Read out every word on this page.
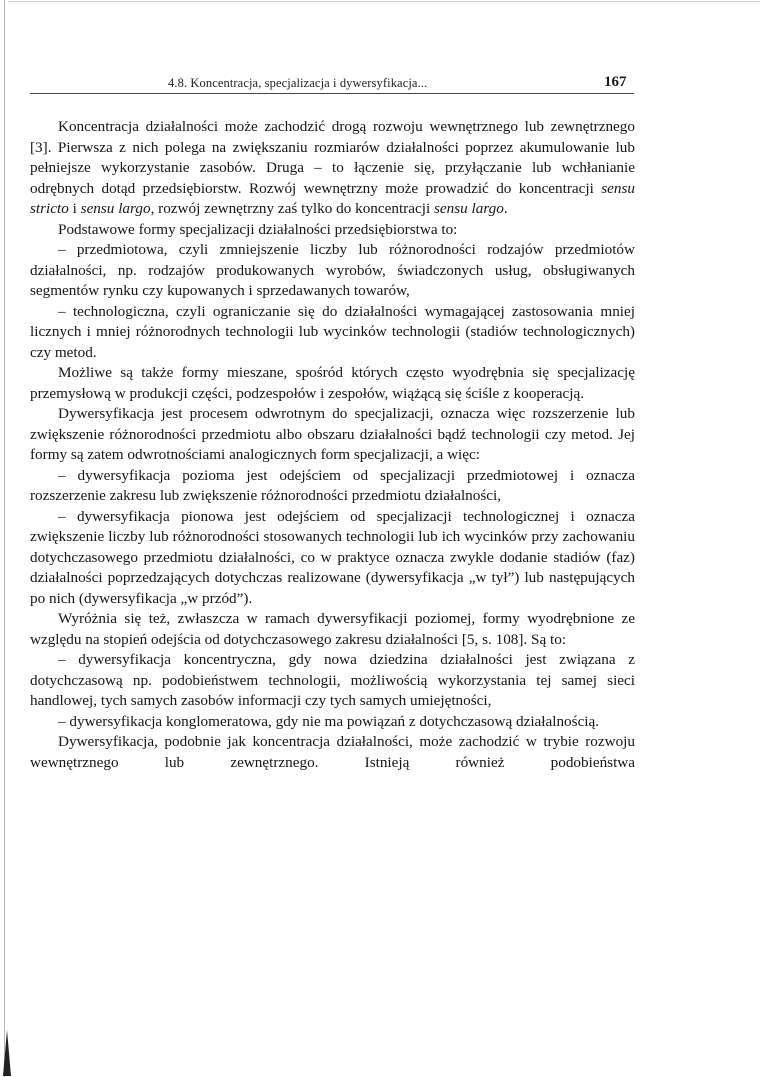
4.8. Koncentracja, specjalizacja i dywersyfikacja...	167

Koncentracja działalności może zachodzić drogą rozwoju wewnętrznego lub zewnętrznego [3]. Pierwsza z nich polega na zwiększaniu rozmiarów działalności poprzez akumulowanie lub pełniejsze wykorzystanie zasobów. Druga – to łączenie się, przyłączanie lub wchłanianie odrębnych dotąd przedsiębiorstw. Rozwój wewnętrzny może prowadzić do koncentracji sensu stricto i sensu largo, rozwój zewnętrzny zaś tylko do koncentracji sensu largo.

Podstawowe formy specjalizacji działalności przedsiębiorstwa to:

– przedmiotowa, czyli zmniejszenie liczby lub różnorodności rodzajów przedmiotów działalności, np. rodzajów produkowanych wyrobów, świadczonych usług, obsługiwanych segmentów rynku czy kupowanych i sprzedawanych towarów,

– technologiczna, czyli ograniczanie się do działalności wymagającej zastosowania mniej licznych i mniej różnorodnych technologii lub wycinków technologii (stadiów technologicznych) czy metod.

Możliwe są także formy mieszane, spośród których często wyodrębnia się specjalizację przemysłową w produkcji części, podzespołów i zespołów, wiążącą się ściśle z kooperacją.

Dywersyfikacja jest procesem odwrotnym do specjalizacji, oznacza więc rozszerzenie lub zwiększenie różnorodności przedmiotu albo obszaru działalności bądź technologii czy metod. Jej formy są zatem odwrotnościami analogicznych form specjalizacji, a więc:

– dywersyfikacja pozioma jest odejściem od specjalizacji przedmiotowej i oznacza rozszerzenie zakresu lub zwiększenie różnorodności przedmiotu działalności,

– dywersyfikacja pionowa jest odejściem od specjalizacji technologicznej i oznacza zwiększenie liczby lub różnorodności stosowanych technologii lub ich wycinków przy zachowaniu dotychczasowego przedmiotu działalności, co w praktyce oznacza zwykle dodanie stadiów (faz) działalności poprzedzających dotychczas realizowane (dywersyfikacja „w tył”) lub następujących po nich (dywersyfikacja „w przód”).

Wyróżnia się też, zwłaszcza w ramach dywersyfikacji poziomej, formy wyodrębnione ze względu na stopień odejścia od dotychczasowego zakresu działalności [5, s. 108]. Są to:

– dywersyfikacja koncentryczna, gdy nowa dziedzina działalności jest związana z dotychczasową np. podobieństwem technologii, możliwością wykorzystania tej samej sieci handlowej, tych samych zasobów informacji czy tych samych umiejętności,

– dywersyfikacja konglomeratowa, gdy nie ma powiązań z dotychczasową działalnością.

Dywersyfikacja, podobnie jak koncentracja działalności, może zachodzić w trybie rozwoju wewnętrznego lub zewnętrznego. Istnieją również podobieństwa
